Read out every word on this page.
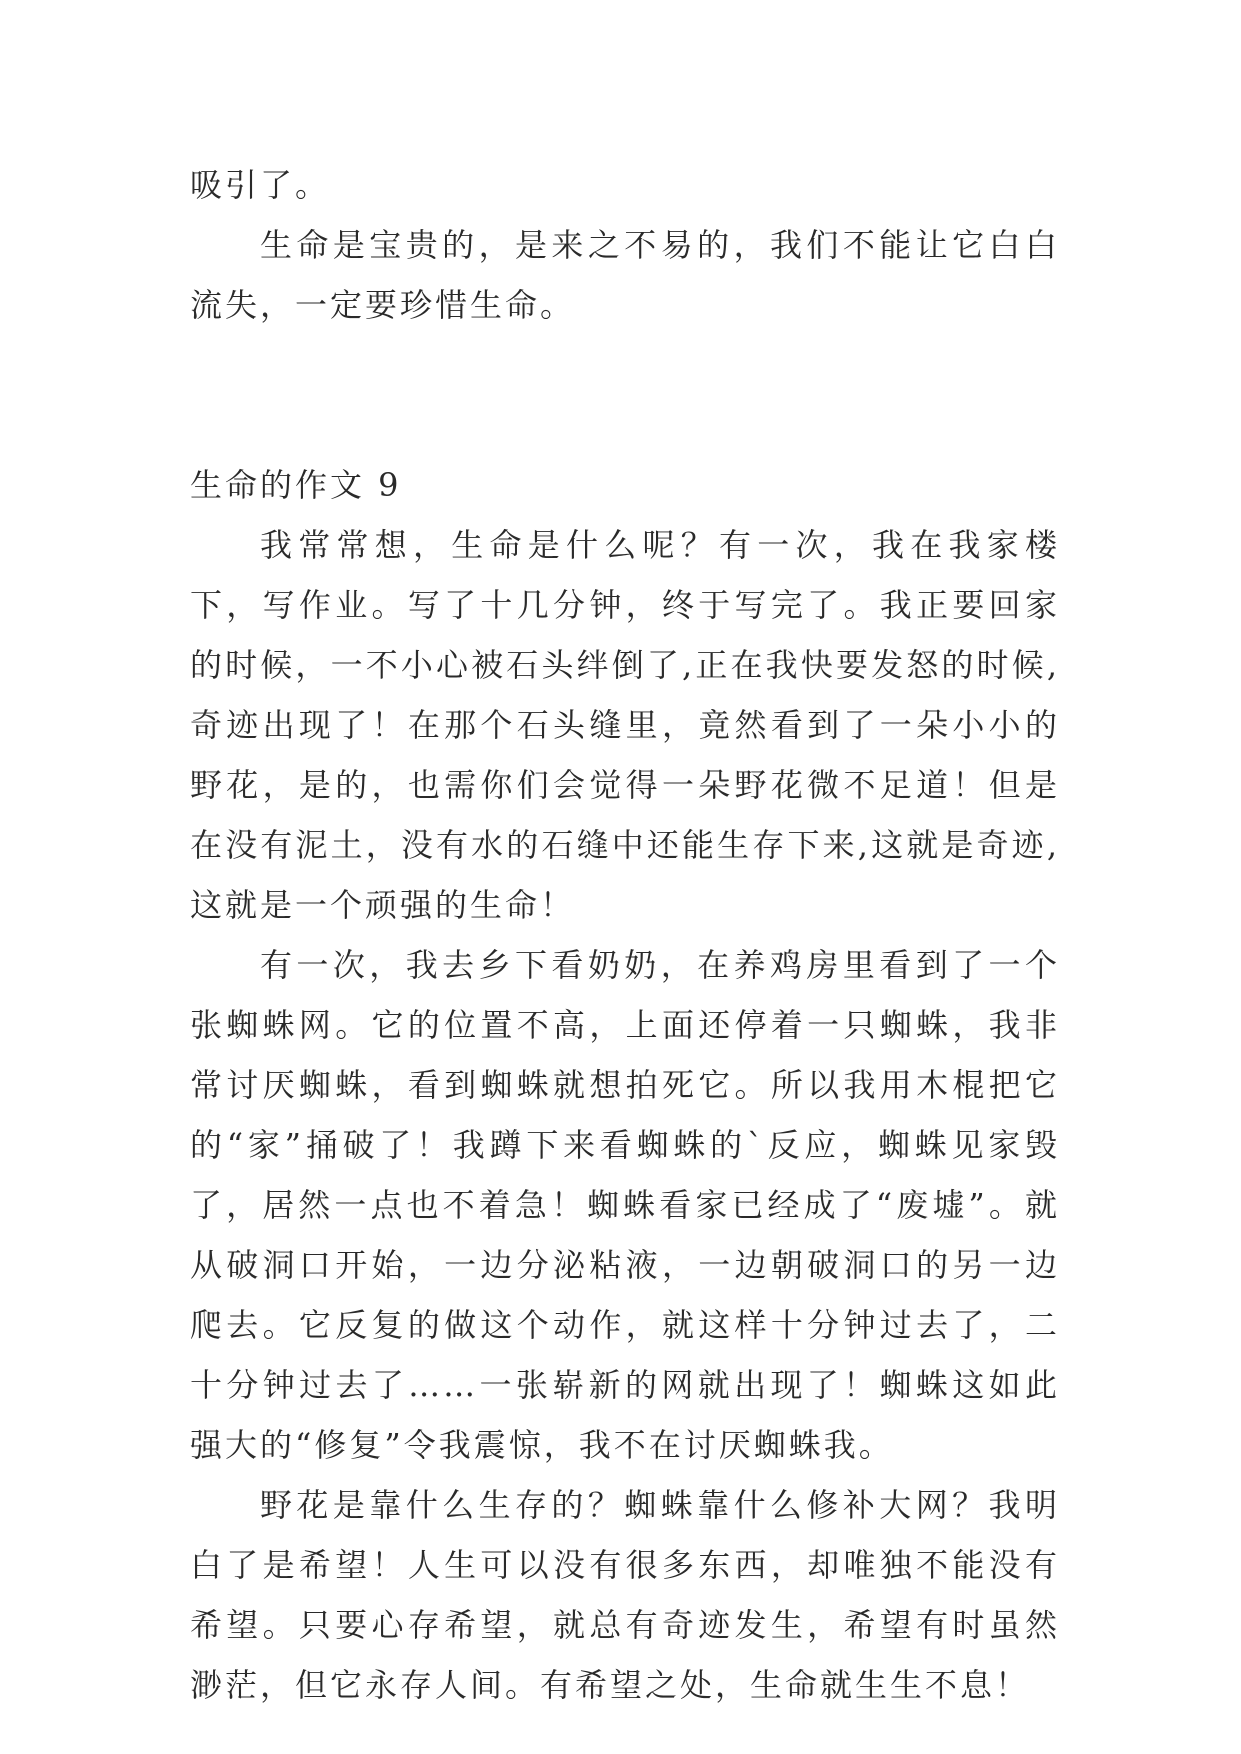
吸引了。

生命是宝贵的，是来之不易的，我们不能让它白白流失，一定要珍惜生命。

生命的作文 9

我常常想，生命是什么呢？有一次，我在我家楼下，写作业。写了十几分钟，终于写完了。我正要回家的时候，一不小心被石头绊倒了,正在我快要发怒的时候,奇迹出现了！在那个石头缝里，竟然看到了一朵小小的野花，是的，也需你们会觉得一朵野花微不足道！但是在没有泥土，没有水的石缝中还能生存下来,这就是奇迹,这就是一个顽强的生命！

有一次，我去乡下看奶奶，在养鸡房里看到了一个张蜘蛛网。它的位置不高，上面还停着一只蜘蛛，我非常讨厌蜘蛛，看到蜘蛛就想拍死它。所以我用木棍把它的“家”捅破了！我蹲下来看蜘蛛的`反应，蜘蛛见家毁了，居然一点也不着急！蜘蛛看家已经成了“废墟”。就从破洞口开始，一边分泌粘液，一边朝破洞口的另一边爬去。它反复的做这个动作，就这样十分钟过去了，二十分钟过去了……一张崭新的网就出现了！蜘蛛这如此强大的“修复”令我震惊，我不在讨厌蜘蛛我。

野花是靠什么生存的？蜘蛛靠什么修补大网？我明白了是希望！人生可以没有很多东西，却唯独不能没有希望。只要心存希望，就总有奇迹发生，希望有时虽然渺茫，但它永存人间。有希望之处，生命就生生不息！
